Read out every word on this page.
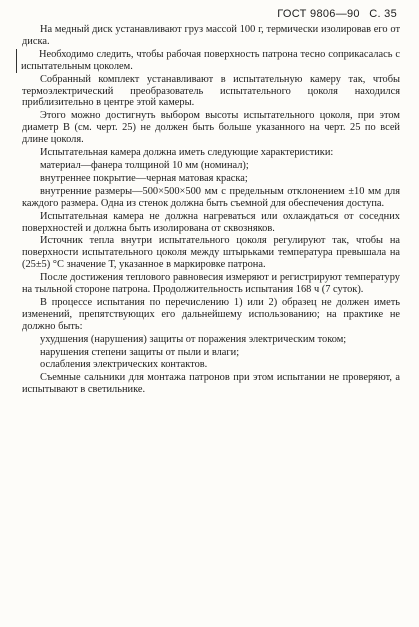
ГОСТ 9806—90 С. 35

На медный диск устанавливают груз массой 100 г, термически изолировав его от диска.

Необходимо следить, чтобы рабочая поверхность патрона тесно соприкасалась с испытательным цоколем.

Собранный комплект устанавливают в испытательную камеру так, чтобы термоэлектрический преобразователь испытательного цоколя находился приблизительно в центре этой камеры.

Этого можно достигнуть выбором высоты испытательного цоколя, при этом диаметр B (см. черт. 25) не должен быть больше указанного на черт. 25 по всей длине цоколя.

Испытательная камера должна иметь следующие характеристики:

материал—фанера толщиной 10 мм (номинал);

внутреннее покрытие—черная матовая краска;

внутренние размеры—500×500×500 мм с предельным отклонением ±10 мм для каждого размера. Одна из стенок должна быть съемной для обеспечения доступа.

Испытательная камера не должна нагреваться или охлаждаться от соседних поверхностей и должна быть изолирована от сквозняков.

Источник тепла внутри испытательного цоколя регулируют так, чтобы на поверхности испытательного цоколя между штырьками температура превышала на (25±5) °С значение Т, указанное в маркировке патрона.

После достижения теплового равновесия измеряют и регистрируют температуру на тыльной стороне патрона. Продолжительность испытания 168 ч (7 суток).

В процессе испытания по перечислению 1) или 2) образец не должен иметь изменений, препятствующих его дальнейшему использованию; на практике не должно быть:

ухудшения (нарушения) защиты от поражения электрическим током;

нарушения степени защиты от пыли и влаги;

ослабления электрических контактов.

Съемные сальники для монтажа патронов при этом испытании не проверяют, а испытывают в светильнике.
